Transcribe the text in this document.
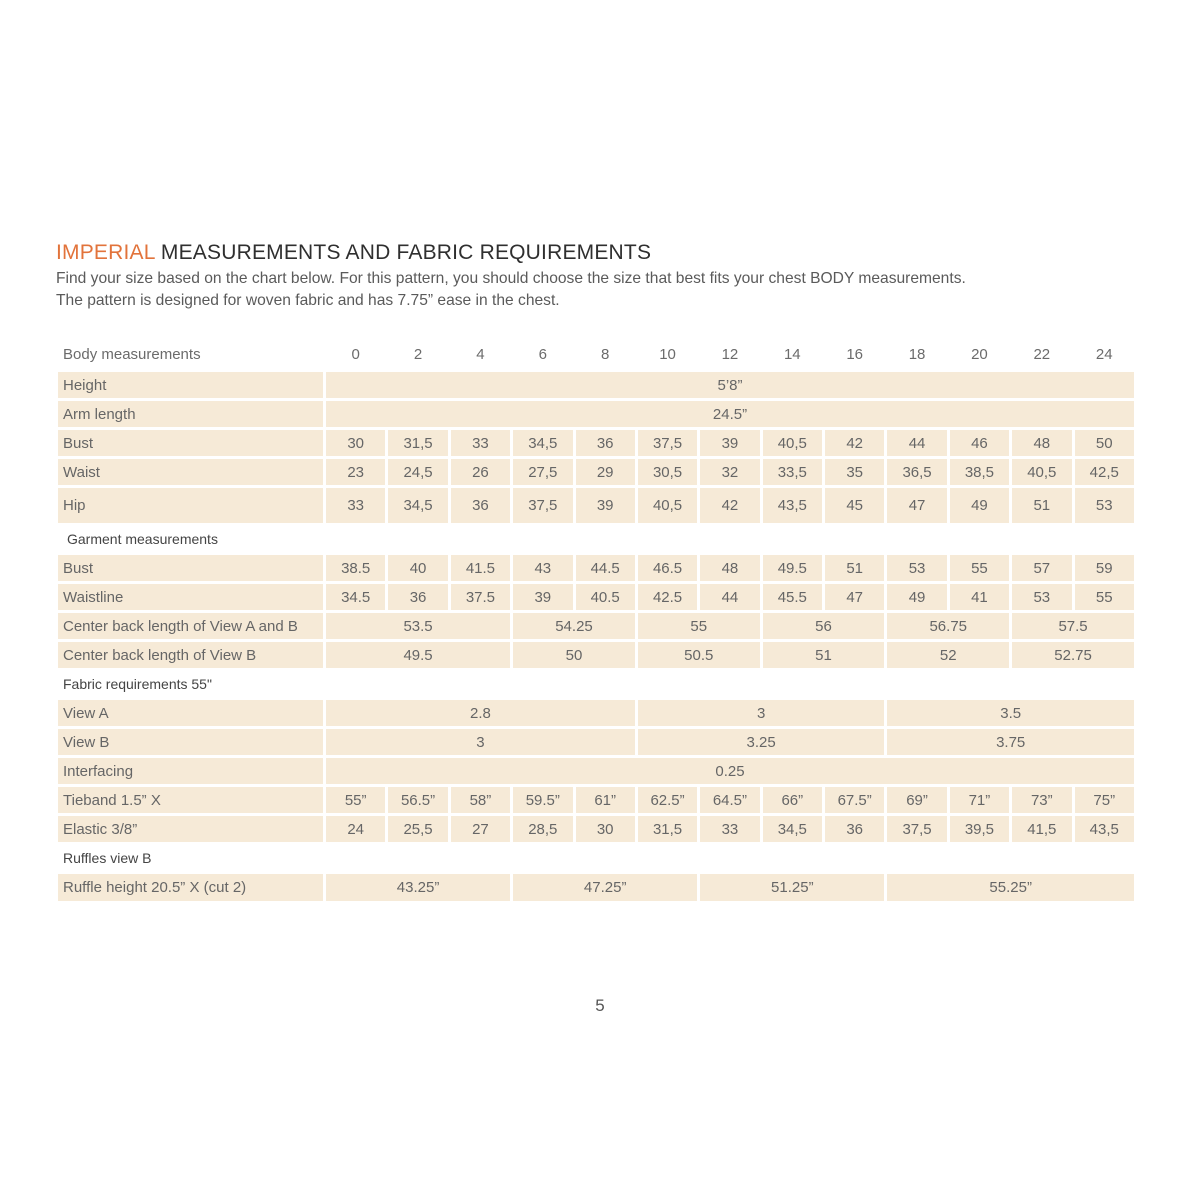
IMPERIAL MEASUREMENTS AND FABRIC REQUIREMENTS

Find your size based on the chart below. For this pattern, you should choose the size that best fits your chest BODY measurements.
The pattern is designed for woven fabric and has 7.75” ease in the chest.

Body measurements	0	2	4	6	8	10	12	14	16	18	20	22	24
Height	5’8”												
Arm length	24.5”												
Bust	30	31,5	33	34,5	36	37,5	39	40,5	42	44	46	48	50
Waist	23	24,5	26	27,5	29	30,5	32	33,5	35	36,5	38,5	40,5	42,5
Hip	33	34,5	36	37,5	39	40,5	42	43,5	45	47	49	51	53
Garment measurements													
Bust	38.5	40	41.5	43	44.5	46.5	48	49.5	51	53	55	57	59
Waistline	34.5	36	37.5	39	40.5	42.5	44	45.5	47	49	41	53	55
Center back length of View A and B	53.5			54.25		55		56		56.75		57.5	
Center back length of View B	49.5			50		50.5		51		52		52.75	
Fabric requirements 55"													
View A	2.8					3				3.5			
View B	3					3.25				3.75			
Interfacing	0.25												
Tieband 1.5” X	55”	56.5”	58”	59.5”	61”	62.5”	64.5”	66”	67.5”	69”	71”	73”	75”
Elastic 3/8”	24	25,5	27	28,5	30	31,5	33	34,5	36	37,5	39,5	41,5	43,5
Ruffles view B													
Ruffle height 20.5” X (cut 2)	43.25”			47.25”			51.25”			55.25”			
5
